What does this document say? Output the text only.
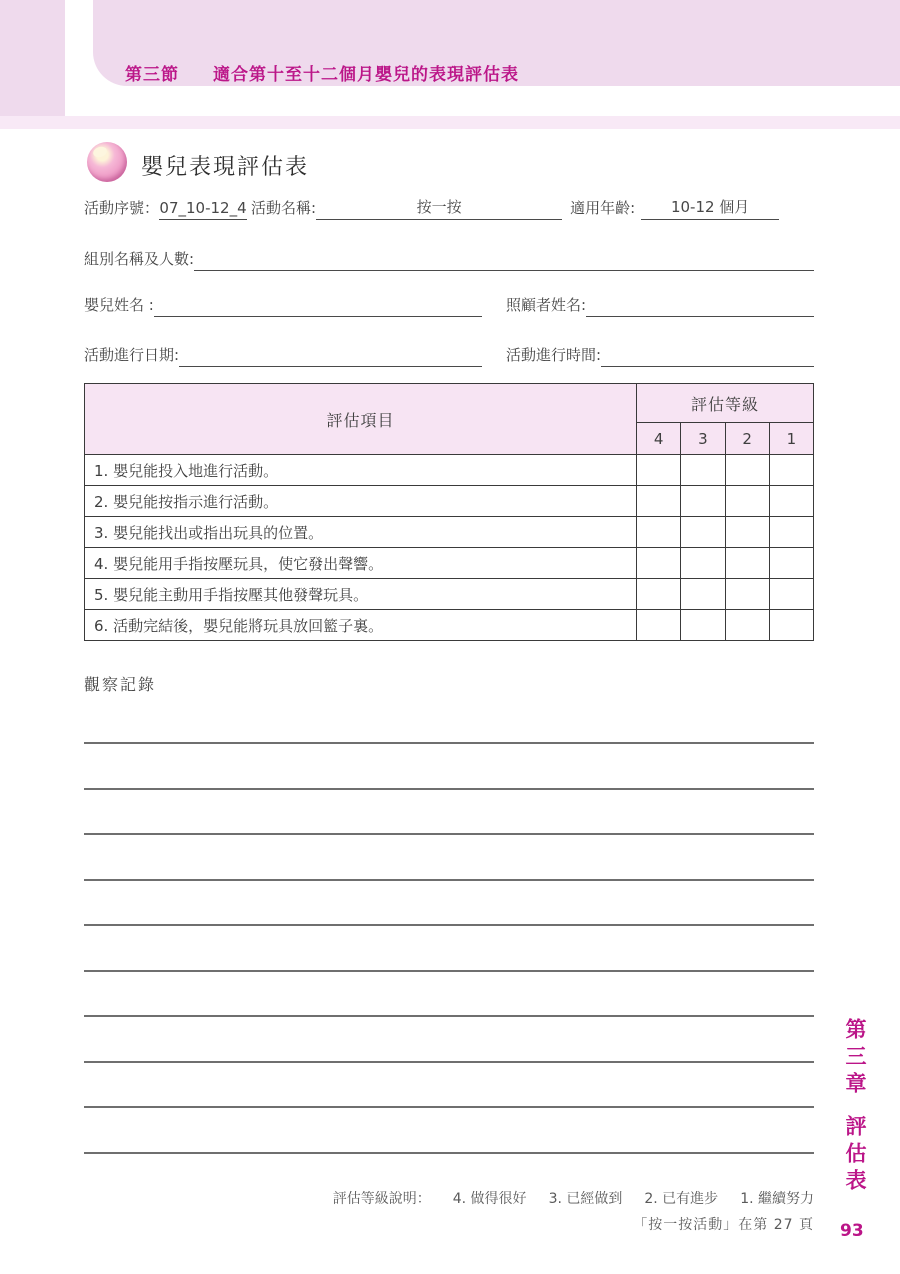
第三節 適合第十至十二個月嬰兒的表現評估表
嬰兒表現評估表
活動序號： 07_10-12_4 活動名稱:	按一按	適用年齡:	10-12 個月
組別名稱及人數:
嬰兒姓名 :	照顧者姓名:
活動進行日期:	活動進行時間:
評估項目	評估等級			
	4	3	2	1
1. 嬰兒能投入地進行活動。				
2. 嬰兒能按指示進行活動。				
3. 嬰兒能找出或指出玩具的位置。				
4. 嬰兒能用手指按壓玩具，使它發出聲響。				
5. 嬰兒能主動用手指按壓其他發聲玩具。				
6. 活動完結後，嬰兒能將玩具放回籃子裏。				
觀察記錄
第三章評估表
評估等級說明： 4. 做得很好 3. 已經做到 2. 已有進步 1. 繼續努力
「按一按活動」在第 27 頁 93
